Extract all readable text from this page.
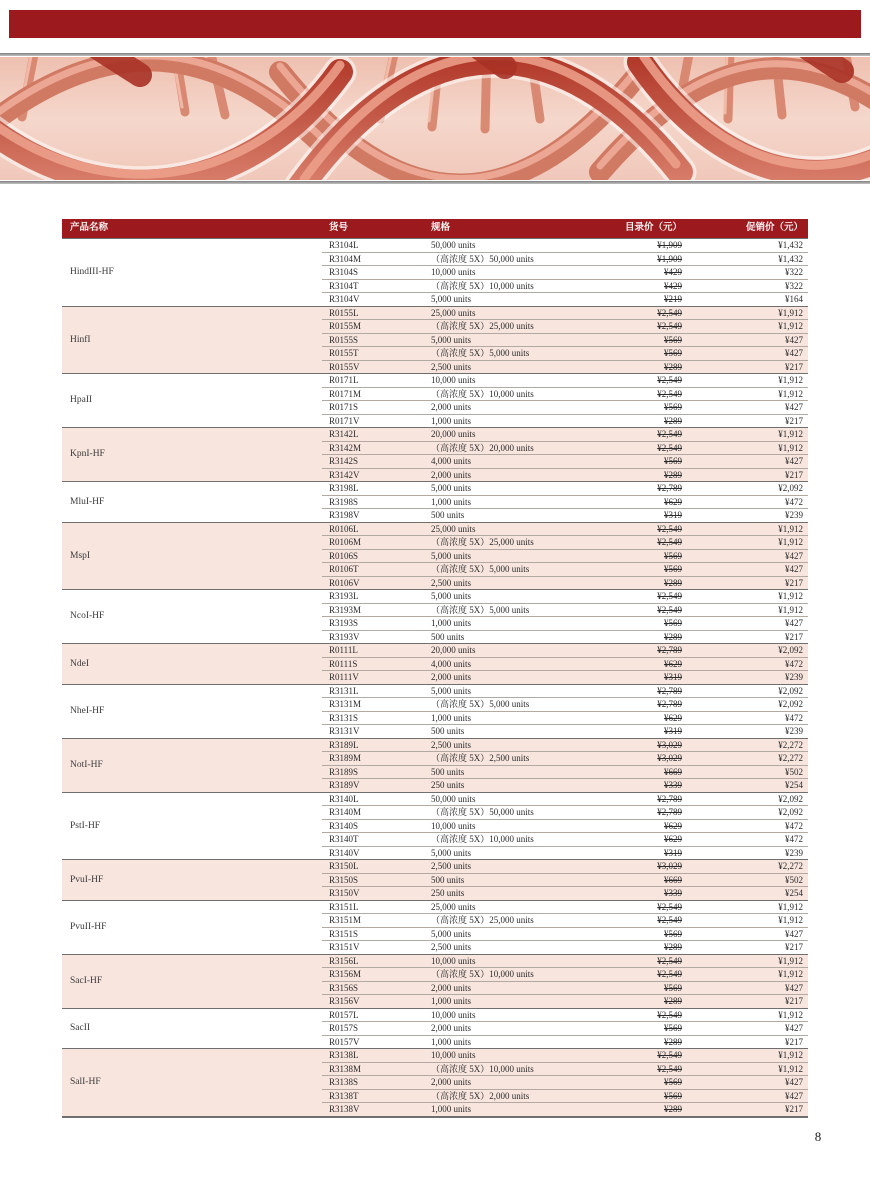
产品名称	货号	规格	目录价（元）	促销价（元）
HindIII-HF	R3104L	50,000 units	¥1,909	¥1,432
	R3104M	（高浓度 5X）50,000 units	¥1,909	¥1,432
	R3104S	10,000 units	¥429	¥322
	R3104T	（高浓度 5X）10,000 units	¥429	¥322
	R3104V	5,000 units	¥219	¥164
HinfI	R0155L	25,000 units	¥2,549	¥1,912
	R0155M	（高浓度 5X）25,000 units	¥2,549	¥1,912
	R0155S	5,000 units	¥569	¥427
	R0155T	（高浓度 5X）5,000 units	¥569	¥427
	R0155V	2,500 units	¥289	¥217
HpaII	R0171L	10,000 units	¥2,549	¥1,912
	R0171M	（高浓度 5X）10,000 units	¥2,549	¥1,912
	R0171S	2,000 units	¥569	¥427
	R0171V	1,000 units	¥289	¥217
KpnI-HF	R3142L	20,000 units	¥2,549	¥1,912
	R3142M	（高浓度 5X）20,000 units	¥2,549	¥1,912
	R3142S	4,000 units	¥569	¥427
	R3142V	2,000 units	¥289	¥217
MluI-HF	R3198L	5,000 units	¥2,789	¥2,092
	R3198S	1,000 units	¥629	¥472
	R3198V	500 units	¥319	¥239
MspI	R0106L	25,000 units	¥2,549	¥1,912
	R0106M	（高浓度 5X）25,000 units	¥2,549	¥1,912
	R0106S	5,000 units	¥569	¥427
	R0106T	（高浓度 5X）5,000 units	¥569	¥427
	R0106V	2,500 units	¥289	¥217
NcoI-HF	R3193L	5,000 units	¥2,549	¥1,912
	R3193M	（高浓度 5X）5,000 units	¥2,549	¥1,912
	R3193S	1,000 units	¥569	¥427
	R3193V	500 units	¥289	¥217
NdeI	R0111L	20,000 units	¥2,789	¥2,092
	R0111S	4,000 units	¥629	¥472
	R0111V	2,000 units	¥319	¥239
NheI-HF	R3131L	5,000 units	¥2,789	¥2,092
	R3131M	（高浓度 5X）5,000 units	¥2,789	¥2,092
	R3131S	1,000 units	¥629	¥472
	R3131V	500 units	¥319	¥239
NotI-HF	R3189L	2,500 units	¥3,029	¥2,272
	R3189M	（高浓度 5X）2,500 units	¥3,029	¥2,272
	R3189S	500 units	¥669	¥502
	R3189V	250 units	¥339	¥254
PstI-HF	R3140L	50,000 units	¥2,789	¥2,092
	R3140M	（高浓度 5X）50,000 units	¥2,789	¥2,092
	R3140S	10,000 units	¥629	¥472
	R3140T	（高浓度 5X）10,000 units	¥629	¥472
	R3140V	5,000 units	¥319	¥239
PvuI-HF	R3150L	2,500 units	¥3,029	¥2,272
	R3150S	500 units	¥669	¥502
	R3150V	250 units	¥339	¥254
PvuII-HF	R3151L	25,000 units	¥2,549	¥1,912
	R3151M	（高浓度 5X）25,000 units	¥2,549	¥1,912
	R3151S	5,000 units	¥569	¥427
	R3151V	2,500 units	¥289	¥217
SacI-HF	R3156L	10,000 units	¥2,549	¥1,912
	R3156M	（高浓度 5X）10,000 units	¥2,549	¥1,912
	R3156S	2,000 units	¥569	¥427
	R3156V	1,000 units	¥289	¥217
SacII	R0157L	10,000 units	¥2,549	¥1,912
	R0157S	2,000 units	¥569	¥427
	R0157V	1,000 units	¥289	¥217
SalI-HF	R3138L	10,000 units	¥2,549	¥1,912
	R3138M	（高浓度 5X）10,000 units	¥2,549	¥1,912
	R3138S	2,000 units	¥569	¥427
	R3138T	（高浓度 5X）2,000 units	¥569	¥427
	R3138V	1,000 units	¥289	¥217
8
